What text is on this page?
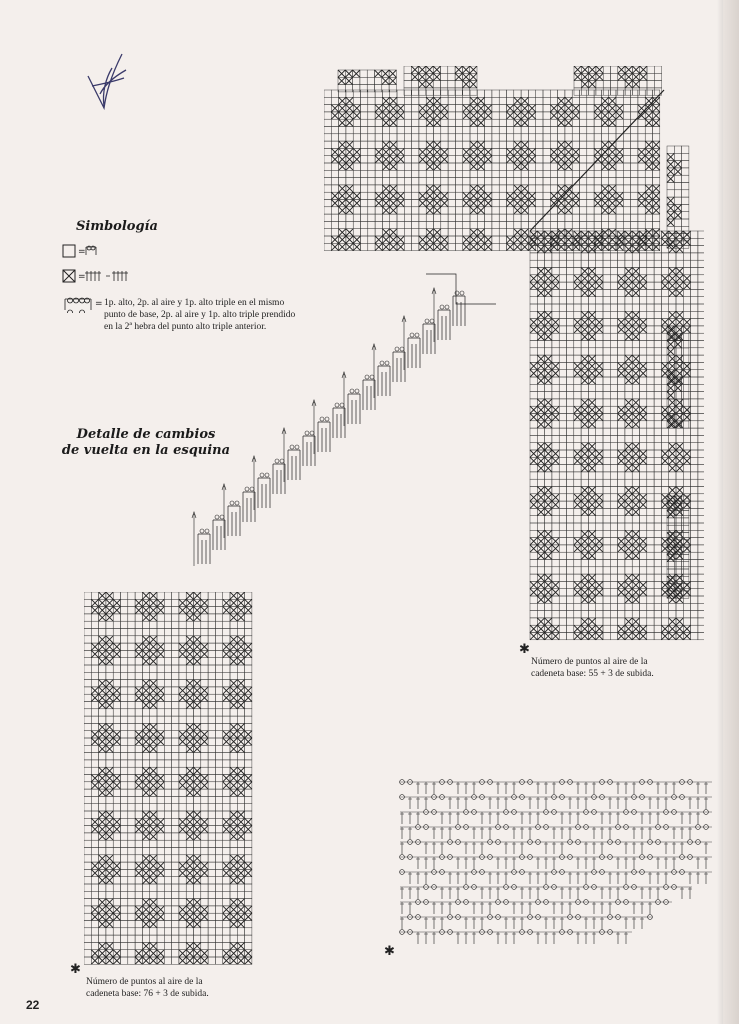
Simbología
=
=
= 1p. alto, 2p. al aire y 1p. alto triple en el mismo punto de base, 2p. al aire y 1p. alto triple prendido en la 2ª hebra del punto alto triple anterior.
Detalle de cambios
de vuelta en la esquina
✱
Número de puntos al aire de la
cadeneta base: 55 + 3 de subida.
✱
Número de puntos al aire de la
cadeneta base: 76 + 3 de subida.
✱
22
